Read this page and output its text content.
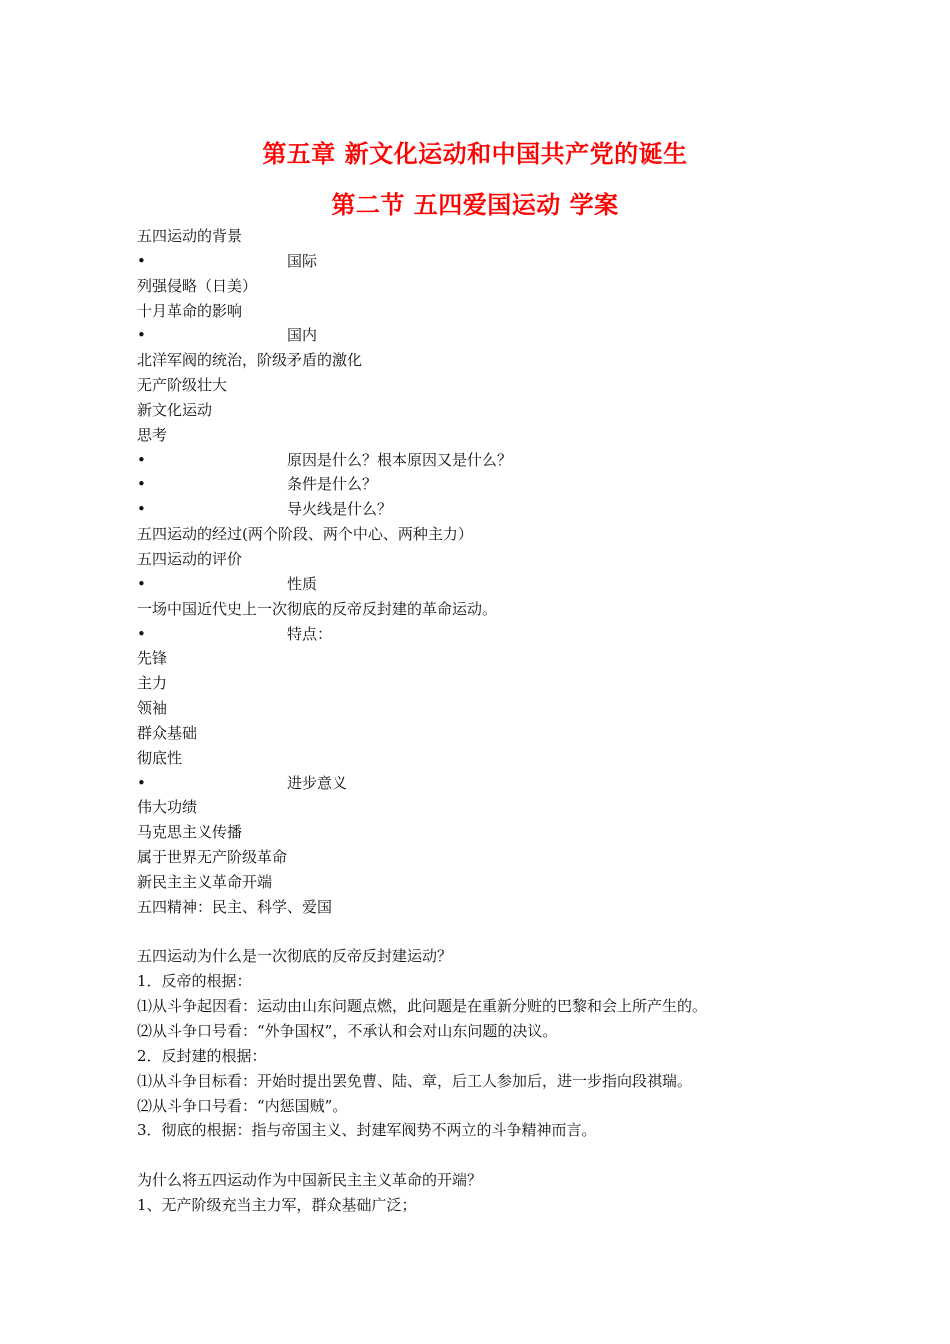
第五章 新文化运动和中国共产党的诞生
第二节 五四爱国运动 学案
五四运动的背景
•	国际
列强侵略（日美）
十月革命的影响
•	国内
北洋军阀的统治，阶级矛盾的激化
无产阶级壮大
新文化运动
思考
•	原因是什么？根本原因又是什么？
•	条件是什么？
•	导火线是什么？
五四运动的经过(两个阶段、两个中心、两种主力）
五四运动的评价
•	性质
一场中国近代史上一次彻底的反帝反封建的革命运动。
•	特点：
先锋
主力
领袖
群众基础
彻底性
•	进步意义
伟大功绩
马克思主义传播
属于世界无产阶级革命
新民主主义革命开端
五四精神：民主、科学、爱国
五四运动为什么是一次彻底的反帝反封建运动？
1．反帝的根据：
⑴从斗争起因看：运动由山东问题点燃，此问题是在重新分赃的巴黎和会上所产生的。
⑵从斗争口号看：“外争国权”，不承认和会对山东问题的决议。
2．反封建的根据：
⑴从斗争目标看：开始时提出罢免曹、陆、章，后工人参加后，进一步指向段祺瑞。
⑵从斗争口号看：“内惩国贼”。
3．彻底的根据：指与帝国主义、封建军阀势不两立的斗争精神而言。
为什么将五四运动作为中国新民主主义革命的开端？
1、无产阶级充当主力军，群众基础广泛；
